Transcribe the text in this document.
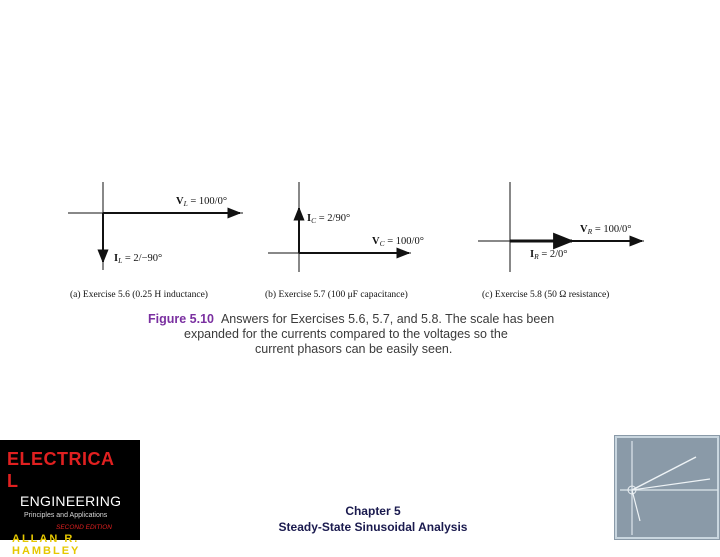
VL = 100/0°
IL = 2/−90°
(a) Exercise 5.6 (0.25 H inductance)
IC = 2/90°
VC = 100/0°
(b) Exercise 5.7 (100 μF capacitance)
VR = 100/0°
IR = 2/0°
(c) Exercise 5.8 (50 Ω resistance)
Figure 5.10 Answers for Exercises 5.6, 5.7, and 5.8. The scale has been
expanded for the currents compared to the voltages so the
current phasors can be easily seen.
ELECTRICA
L
ENGINEERING
Principles and Applications
SECOND EDITION
ALLAN R. HAMBLEY
Chapter 5
Steady-State Sinusoidal Analysis
